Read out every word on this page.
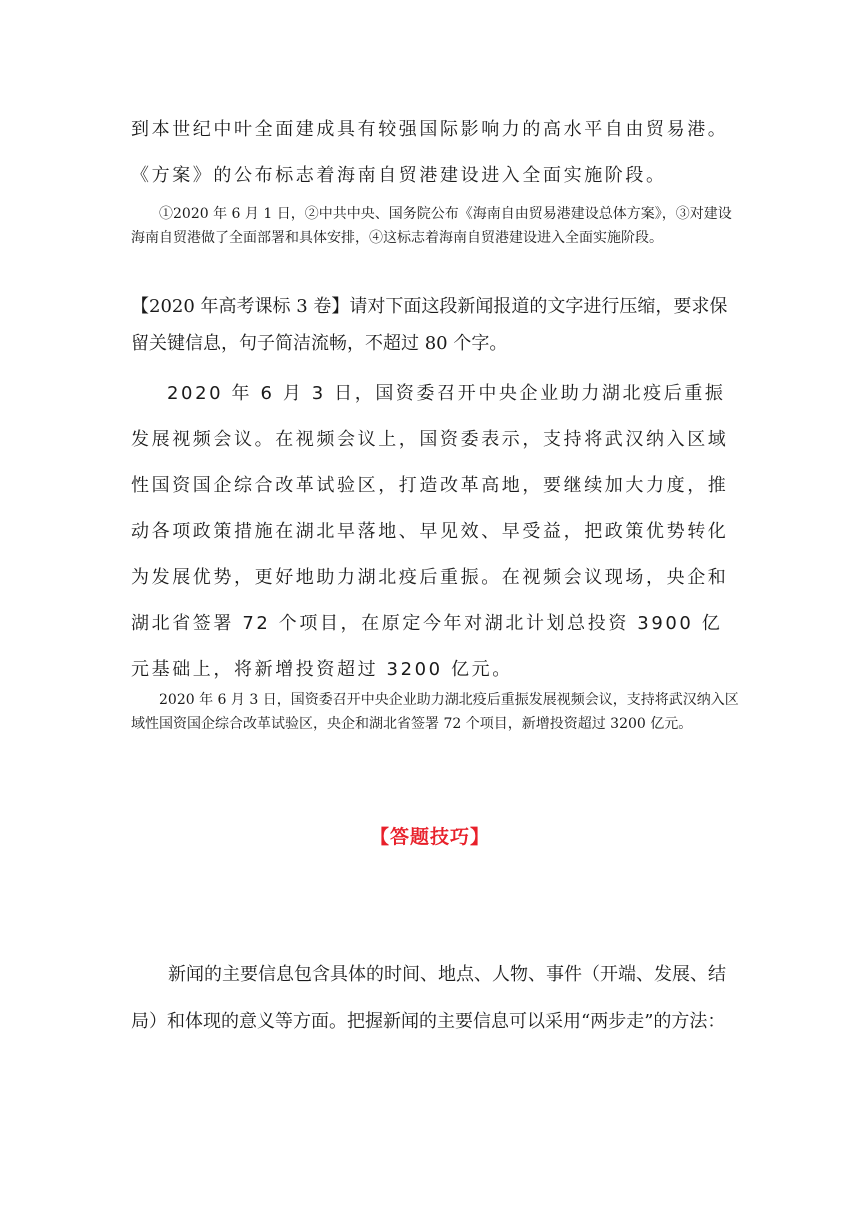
到本世纪中叶全面建成具有较强国际影响力的高水平自由贸易港。《方案》的公布标志着海南自贸港建设进入全面实施阶段。

①2020 年 6 月 1 日，②中共中央、国务院公布《海南自由贸易港建设总体方案》，③对建设海南自贸港做了全面部署和具体安排，④这标志着海南自贸港建设进入全面实施阶段。

【2020 年高考课标 3 卷】请对下面这段新闻报道的文字进行压缩，要求保留关键信息，句子简洁流畅，不超过 80 个字。

2020 年 6 月 3 日，国资委召开中央企业助力湖北疫后重振发展视频会议。在视频会议上，国资委表示，支持将武汉纳入区域性国资国企综合改革试验区，打造改革高地，要继续加大力度，推动各项政策措施在湖北早落地、早见效、早受益，把政策优势转化为发展优势，更好地助力湖北疫后重振。在视频会议现场，央企和湖北省签署 72 个项目，在原定今年对湖北计划总投资 3900 亿元基础上，将新增投资超过 3200 亿元。

2020 年 6 月 3 日，国资委召开中央企业助力湖北疫后重振发展视频会议，支持将武汉纳入区域性国资国企综合改革试验区，央企和湖北省签署 72 个项目，新增投资超过 3200 亿元。

【答题技巧】

新闻的主要信息包含具体的时间、地点、人物、事件（开端、发展、结局）和体现的意义等方面。把握新闻的主要信息可以采用“两步走”的方法：
